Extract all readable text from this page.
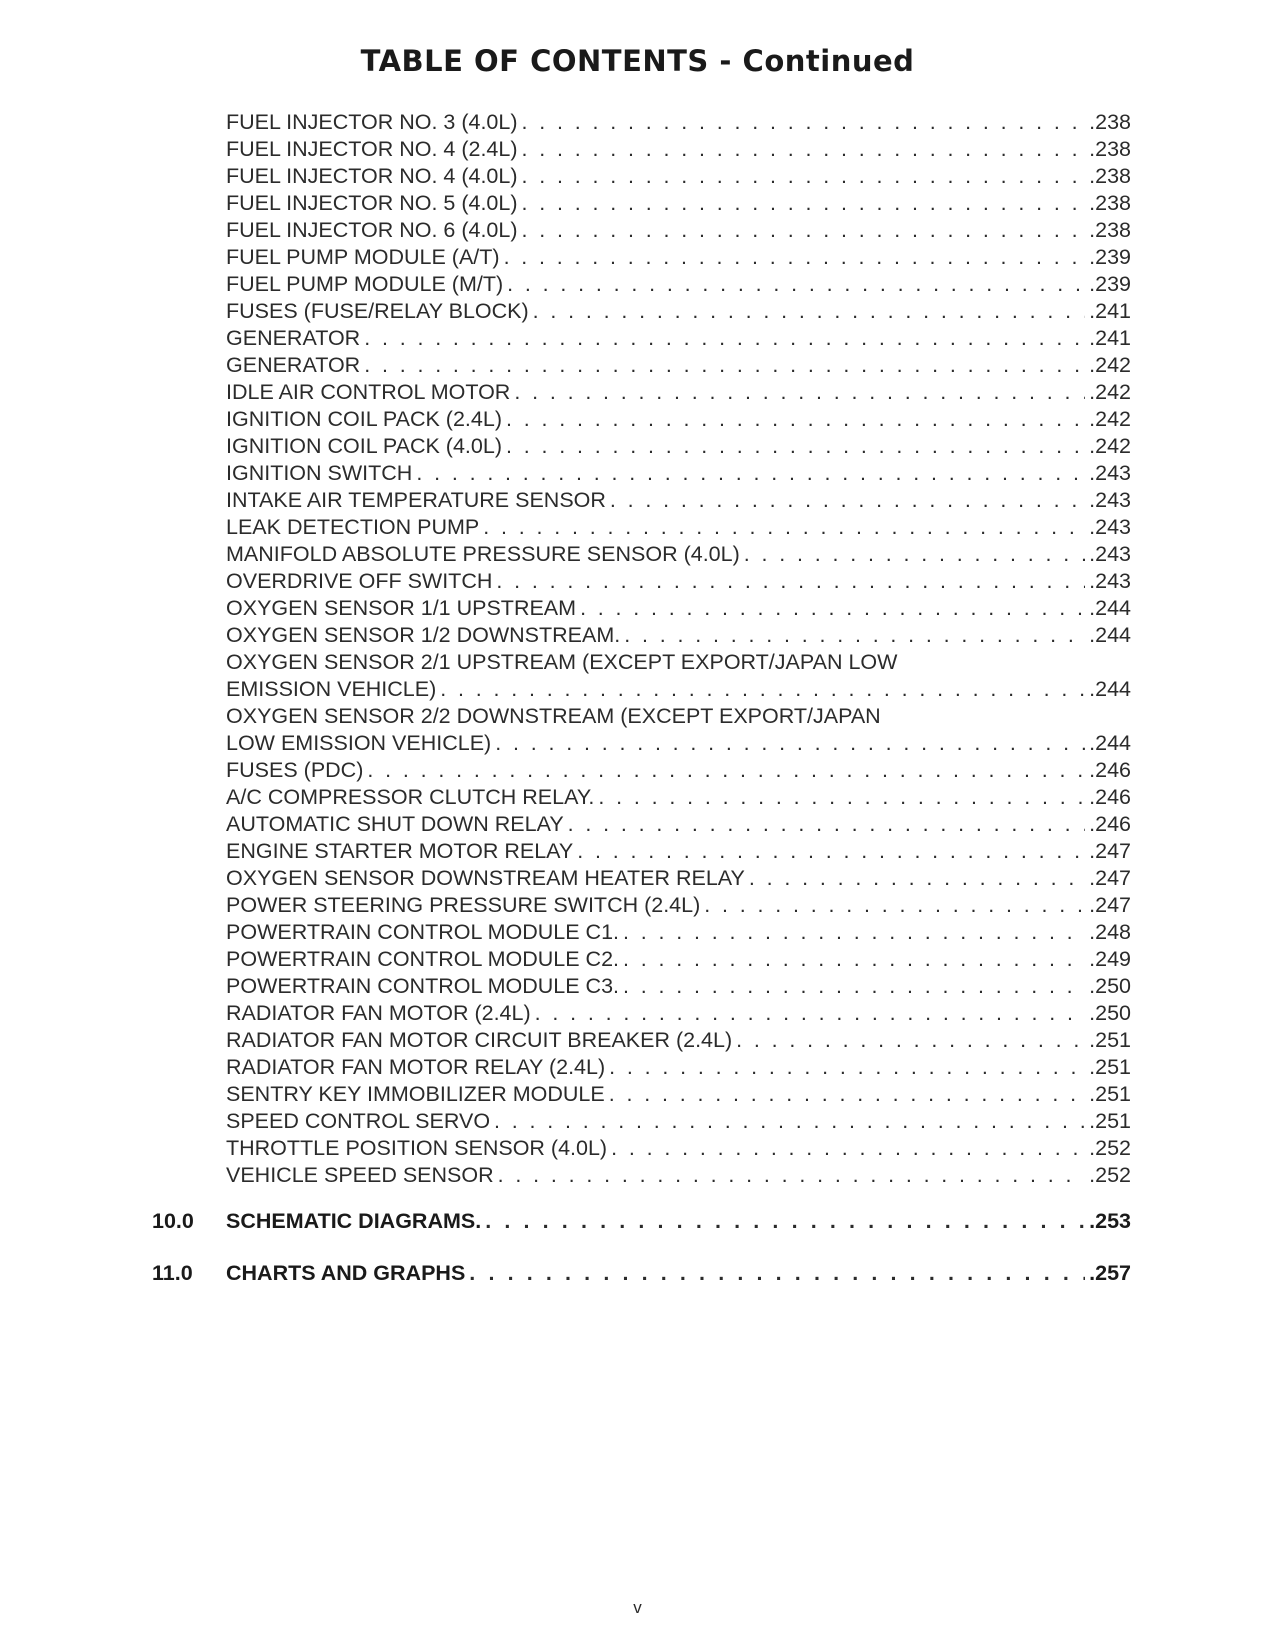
TABLE OF CONTENTS - Continued
FUEL INJECTOR NO. 3 (4.0L) . . .	.238
FUEL INJECTOR NO. 4 (2.4L) . . .	.238
FUEL INJECTOR NO. 4 (4.0L) . . .	.238
FUEL INJECTOR NO. 5 (4.0L) . . .	.238
FUEL INJECTOR NO. 6 (4.0L) . . .	.238
FUEL PUMP MODULE (A/T) . . .	.239
FUEL PUMP MODULE (M/T) . . .	.239
FUSES (FUSE/RELAY BLOCK) . . .	.241
GENERATOR . . .	.241
GENERATOR . . .	.242
IDLE AIR CONTROL MOTOR . . .	.242
IGNITION COIL PACK (2.4L) . . .	.242
IGNITION COIL PACK (4.0L) . . .	.242
IGNITION SWITCH . . .	.243
INTAKE AIR TEMPERATURE SENSOR . . .	.243
LEAK DETECTION PUMP . . .	.243
MANIFOLD ABSOLUTE PRESSURE SENSOR (4.0L) . . .	.243
OVERDRIVE OFF SWITCH . . .	.243
OXYGEN SENSOR 1/1 UPSTREAM . . .	.244
OXYGEN SENSOR 1/2 DOWNSTREAM. . . .	.244
OXYGEN SENSOR 2/1 UPSTREAM (EXCEPT EXPORT/JAPAN LOW
EMISSION VEHICLE) . . .	.244
OXYGEN SENSOR 2/2 DOWNSTREAM (EXCEPT EXPORT/JAPAN
LOW EMISSION VEHICLE) . . .	.244
FUSES (PDC) . . .	.246
A/C COMPRESSOR CLUTCH RELAY. . . .	.246
AUTOMATIC SHUT DOWN RELAY . . .	.246
ENGINE STARTER MOTOR RELAY . . .	.247
OXYGEN SENSOR DOWNSTREAM HEATER RELAY . . .	.247
POWER STEERING PRESSURE SWITCH (2.4L) . . .	.247
POWERTRAIN CONTROL MODULE C1. . . .	.248
POWERTRAIN CONTROL MODULE C2. . . .	.249
POWERTRAIN CONTROL MODULE C3. . . .	.250
RADIATOR FAN MOTOR (2.4L) . . .	.250
RADIATOR FAN MOTOR CIRCUIT BREAKER (2.4L) . . .	.251
RADIATOR FAN MOTOR RELAY (2.4L) . . .	.251
SENTRY KEY IMMOBILIZER MODULE . . .	.251
SPEED CONTROL SERVO . . .	.251
THROTTLE POSITION SENSOR (4.0L) . . .	.252
VEHICLE SPEED SENSOR . . .	.252
10.0	SCHEMATIC DIAGRAMS. . . .	.253
11.0	CHARTS AND GRAPHS . . .	.257
v
